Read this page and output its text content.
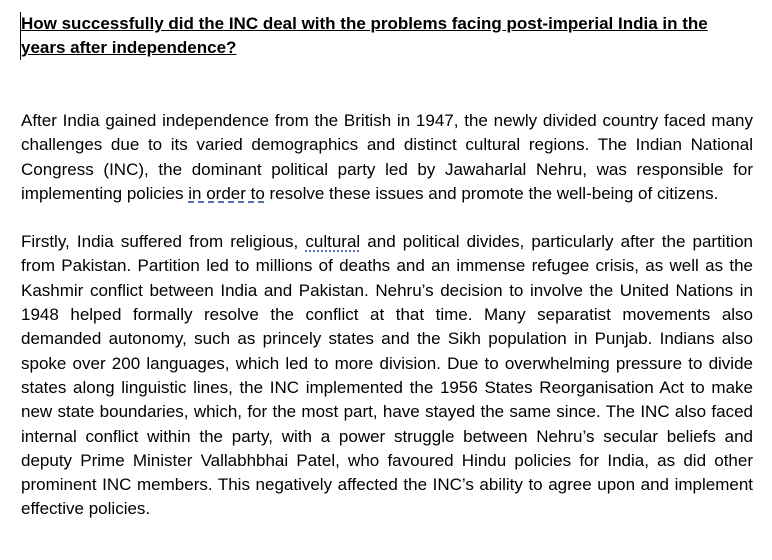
How successfully did the INC deal with the problems facing post-imperial India in the years after independence?

After India gained independence from the British in 1947, the newly divided country faced many challenges due to its varied demographics and distinct cultural regions. The Indian National Congress (INC), the dominant political party led by Jawaharlal Nehru, was responsible for implementing policies in order to resolve these issues and promote the well-being of citizens.

Firstly, India suffered from religious, cultural and political divides, particularly after the partition from Pakistan. Partition led to millions of deaths and an immense refugee crisis, as well as the Kashmir conflict between India and Pakistan. Nehru’s decision to involve the United Nations in 1948 helped formally resolve the conflict at that time. Many separatist movements also demanded autonomy, such as princely states and the Sikh population in Punjab. Indians also spoke over 200 languages, which led to more division. Due to overwhelming pressure to divide states along linguistic lines, the INC implemented the 1956 States Reorganisation Act to make new state boundaries, which, for the most part, have stayed the same since. The INC also faced internal conflict within the party, with a power struggle between Nehru’s secular beliefs and deputy Prime Minister Vallabhbhai Patel, who favoured Hindu policies for India, as did other prominent INC members. This negatively affected the INC’s ability to agree upon and implement effective policies.
